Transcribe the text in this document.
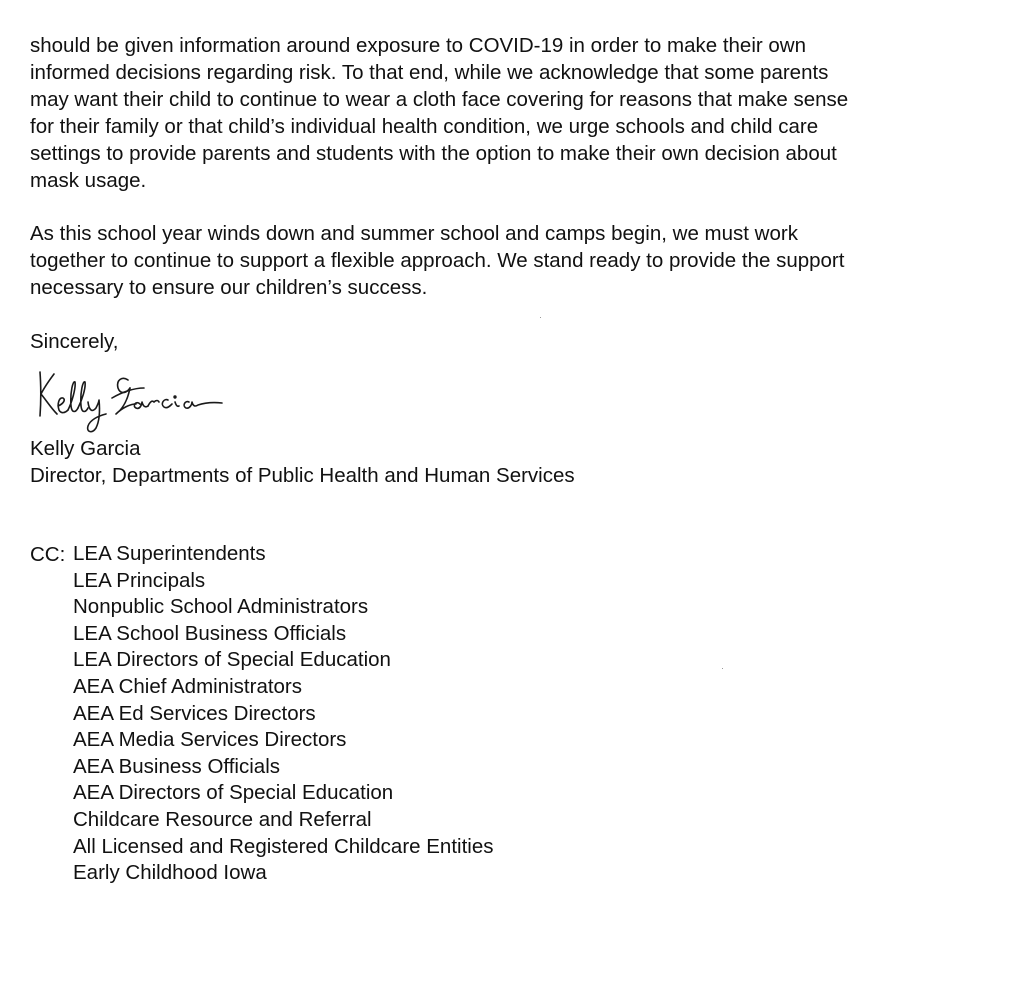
should be given information around exposure to COVID-19 in order to make their own
informed decisions regarding risk. To that end, while we acknowledge that some parents
may want their child to continue to wear a cloth face covering for reasons that make sense
for their family or that child’s individual health condition, we urge schools and child care
settings to provide parents and students with the option to make their own decision about
mask usage.

As this school year winds down and summer school and camps begin, we must work
together to continue to support a flexible approach. We stand ready to provide the support
necessary to ensure our children’s success.

Sincerely,
Kelly Garcia
Director, Departments of Public Health and Human Services
CC: LEA Superintendents
LEA Principals
Nonpublic School Administrators
LEA School Business Officials
LEA Directors of Special Education
AEA Chief Administrators
AEA Ed Services Directors
AEA Media Services Directors
AEA Business Officials
AEA Directors of Special Education
Childcare Resource and Referral
All Licensed and Registered Childcare Entities
Early Childhood Iowa
